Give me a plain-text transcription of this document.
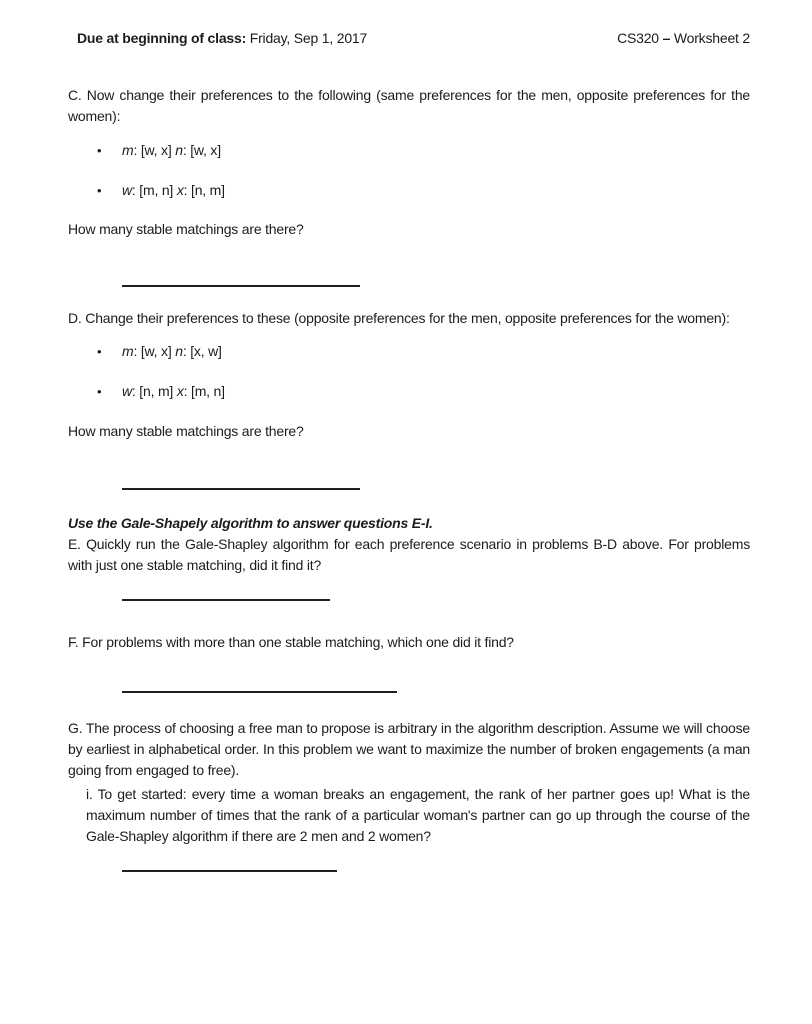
Due at beginning of class: Friday, Sep 1, 2017	CS320 – Worksheet 2

C. Now change their preferences to the following (same preferences for the men, opposite preferences for the women):

•	m: [w, x] n: [w, x]
•	w: [m, n] x: [n, m]

How many stable matchings are there?

D. Change their preferences to these (opposite preferences for the men, opposite preferences for the women):

•	m: [w, x] n: [x, w]
•	w: [n, m] x: [m, n]

How many stable matchings are there?

Use the Gale-Shapely algorithm to answer questions E-I.

E. Quickly run the Gale-Shapley algorithm for each preference scenario in problems B-D above. For problems with just one stable matching, did it find it?

F. For problems with more than one stable matching, which one did it find?

G. The process of choosing a free man to propose is arbitrary in the algorithm description. Assume we will choose by earliest in alphabetical order. In this problem we want to maximize the number of broken engagements (a man going from engaged to free).

i. To get started: every time a woman breaks an engagement, the rank of her partner goes up! What is the maximum number of times that the rank of a particular woman's partner can go up through the course of the Gale-Shapley algorithm if there are 2 men and 2 women?
